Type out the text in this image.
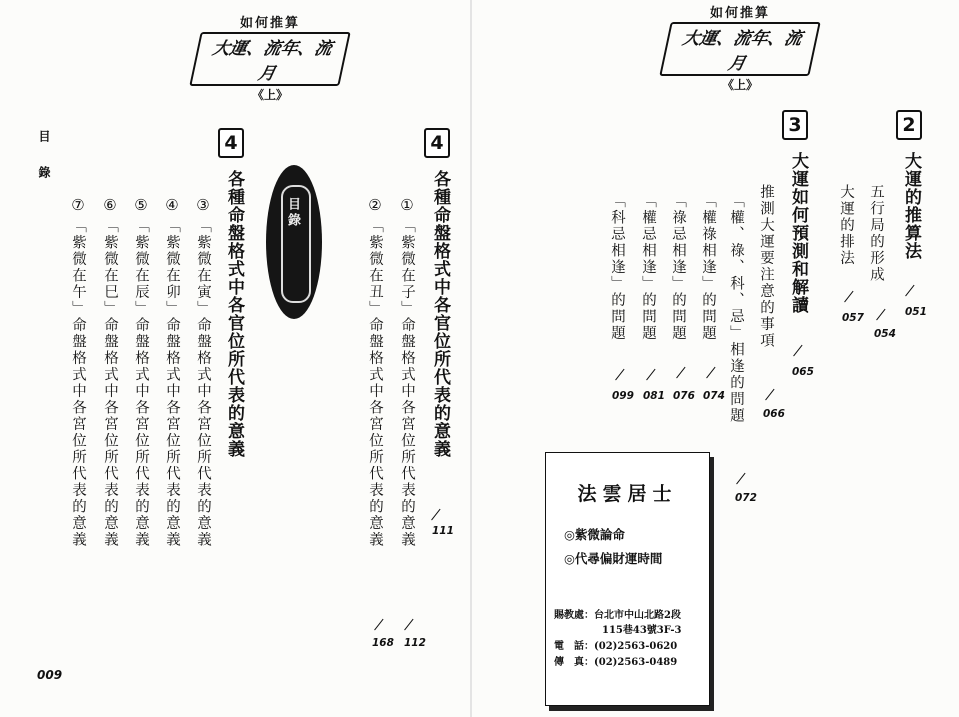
如何推算
大運、流年、流月
《上》
目錄	4
各種命盤格式中各官位所代表的意義
111
①
「紫微在子」命盤格式中各宮位所代表的意義
112
②
「紫微在丑」命盤格式中各宮位所代表的意義
168
目錄
4
各種命盤格式中各官位所代表的意義
③
「紫微在寅」命盤格式中各宮位所代表的意義
④
「紫微在卯」命盤格式中各宮位所代表的意義
⑤
「紫微在辰」命盤格式中各宮位所代表的意義
⑥
「紫微在巳」命盤格式中各宮位所代表的意義
⑦
「紫微在午」命盤格式中各宮位所代表的意義
009
如何推算
大運、流年、流月
《上》
2
大運的推算法
051
五行局的形成
054
大運的排法
057
3
大運如何預測和解讀
065
推測大運要注意的事項
066
「權、祿、科、忌」相逢的問題
072
「權祿相逢」的問題
074
「祿忌相逢」的問題
076
「權忌相逢」的問題
081
「科忌相逢」的問題
099
法雲居士
◎紫微論命
◎代尋偏財運時間
賜教處：台北市中山北路2段
115巷43號3F-3
電　話：(02)2563-0620
傳　真：(02)2563-0489
